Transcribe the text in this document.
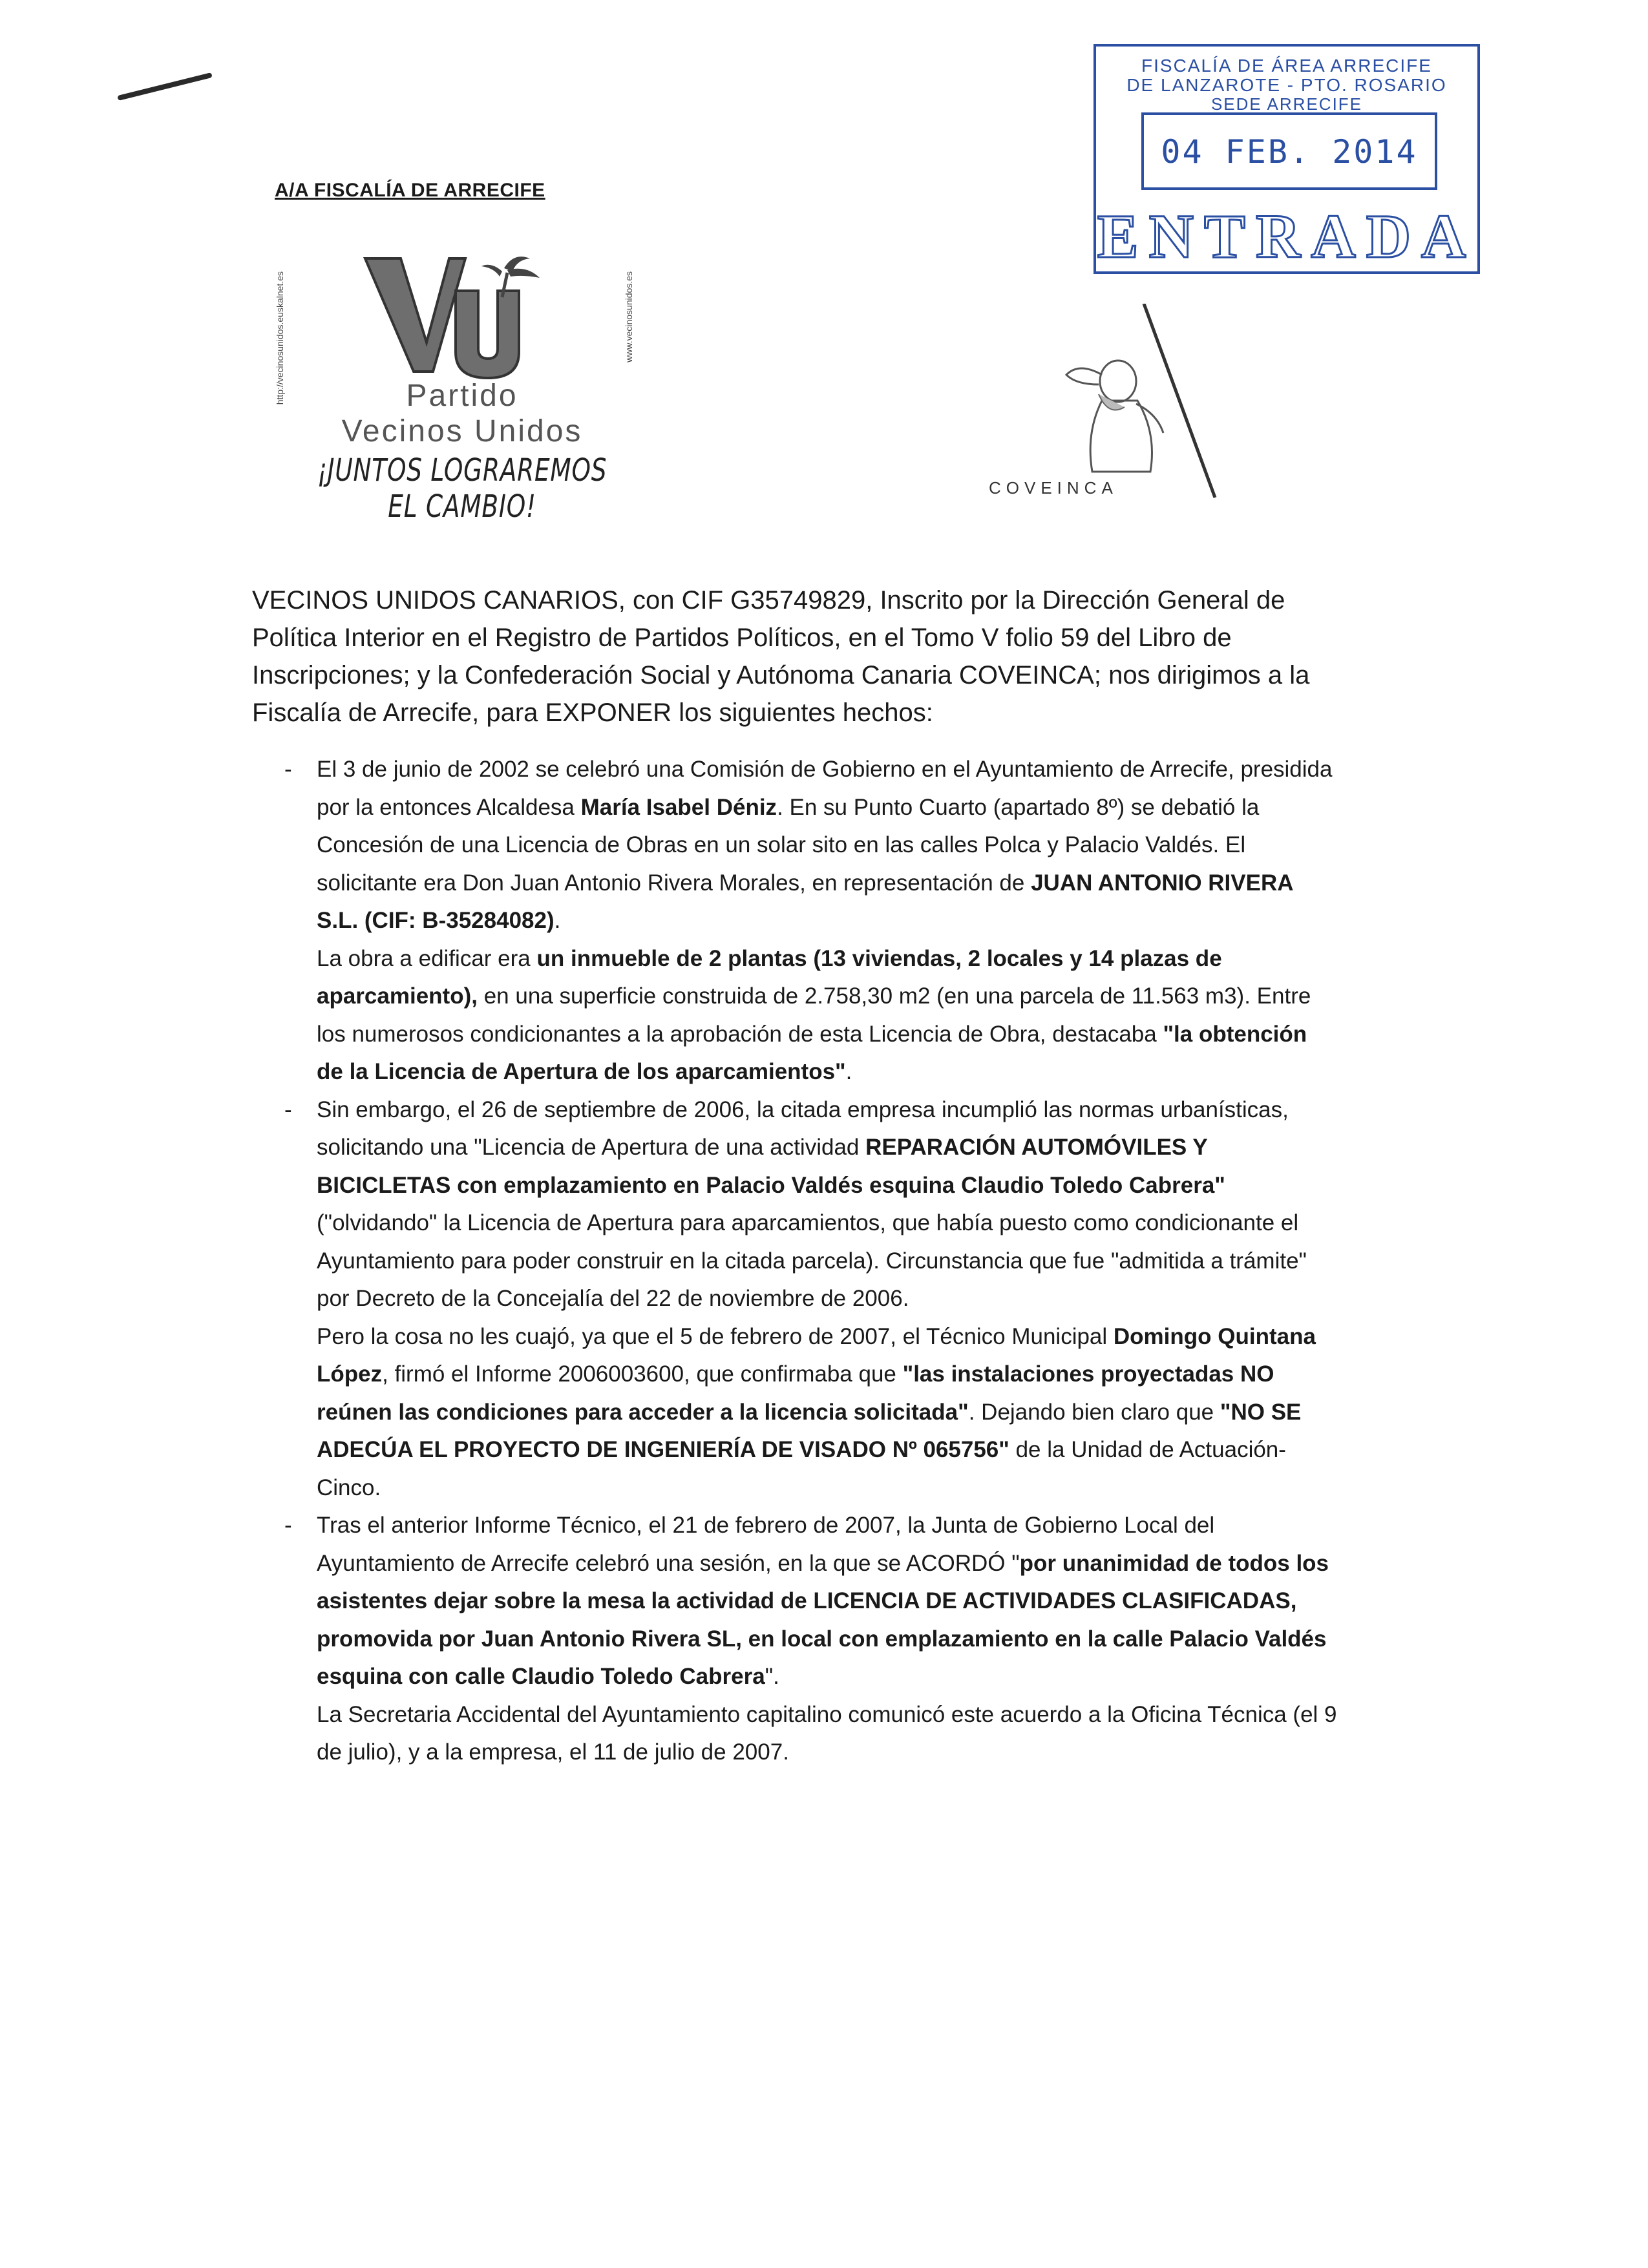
A/A FISCALÍA DE ARRECIFE
http://vecinosunidos.euskalnet.es	www.vecinosunidos.es
Partido
Vecinos Unidos
¡JUNTOS LOGRAREMOS EL CAMBIO!
FISCALÍA DE ÁREA ARRECIFE
DE LANZAROTE - PTO. ROSARIO
SEDE ARRECIFE
04 FEB. 2014
ENTRADA
COVEINCA

VECINOS UNIDOS CANARIOS, con CIF G35749829, Inscrito por la Dirección General de Política Interior en el Registro de Partidos Políticos, en el Tomo V folio 59 del Libro de Inscripciones; y la Confederación Social y Autónoma Canaria COVEINCA; nos dirigimos a la Fiscalía de Arrecife, para EXPONER los siguientes hechos:

- El 3 de junio de 2002 se celebró una Comisión de Gobierno en el Ayuntamiento de Arrecife, presidida por la entonces Alcaldesa María Isabel Déniz. En su Punto Cuarto (apartado 8º) se debatió la Concesión de una Licencia de Obras en un solar sito en las calles Polca y Palacio Valdés. El solicitante era Don Juan Antonio Rivera Morales, en representación de JUAN ANTONIO RIVERA S.L. (CIF: B-35284082).

La obra a edificar era un inmueble de 2 plantas (13 viviendas, 2 locales y 14 plazas de aparcamiento), en una superficie construida de 2.758,30 m2 (en una parcela de 11.563 m3). Entre los numerosos condicionantes a la aprobación de esta Licencia de Obra, destacaba "la obtención de la Licencia de Apertura de los aparcamientos".

- Sin embargo, el 26 de septiembre de 2006, la citada empresa incumplió las normas urbanísticas, solicitando una "Licencia de Apertura de una actividad REPARACIÓN AUTOMÓVILES Y BICICLETAS con emplazamiento en Palacio Valdés esquina Claudio Toledo Cabrera" ("olvidando" la Licencia de Apertura para aparcamientos, que había puesto como condicionante el Ayuntamiento para poder construir en la citada parcela). Circunstancia que fue "admitida a trámite" por Decreto de la Concejalía del 22 de noviembre de 2006.

Pero la cosa no les cuajó, ya que el 5 de febrero de 2007, el Técnico Municipal Domingo Quintana López, firmó el Informe 2006003600, que confirmaba que "las instalaciones proyectadas NO reúnen las condiciones para acceder a la licencia solicitada". Dejando bien claro que "NO SE ADECÚA EL PROYECTO DE INGENIERÍA DE VISADO Nº 065756" de la Unidad de Actuación-Cinco.

- Tras el anterior Informe Técnico, el 21 de febrero de 2007, la Junta de Gobierno Local del Ayuntamiento de Arrecife celebró una sesión, en la que se ACORDÓ "por unanimidad de todos los asistentes dejar sobre la mesa la actividad de LICENCIA DE ACTIVIDADES CLASIFICADAS, promovida por Juan Antonio Rivera SL, en local con emplazamiento en la calle Palacio Valdés esquina con calle Claudio Toledo Cabrera".

La Secretaria Accidental del Ayuntamiento capitalino comunicó este acuerdo a la Oficina Técnica (el 9 de julio), y a la empresa, el 11 de julio de 2007.
